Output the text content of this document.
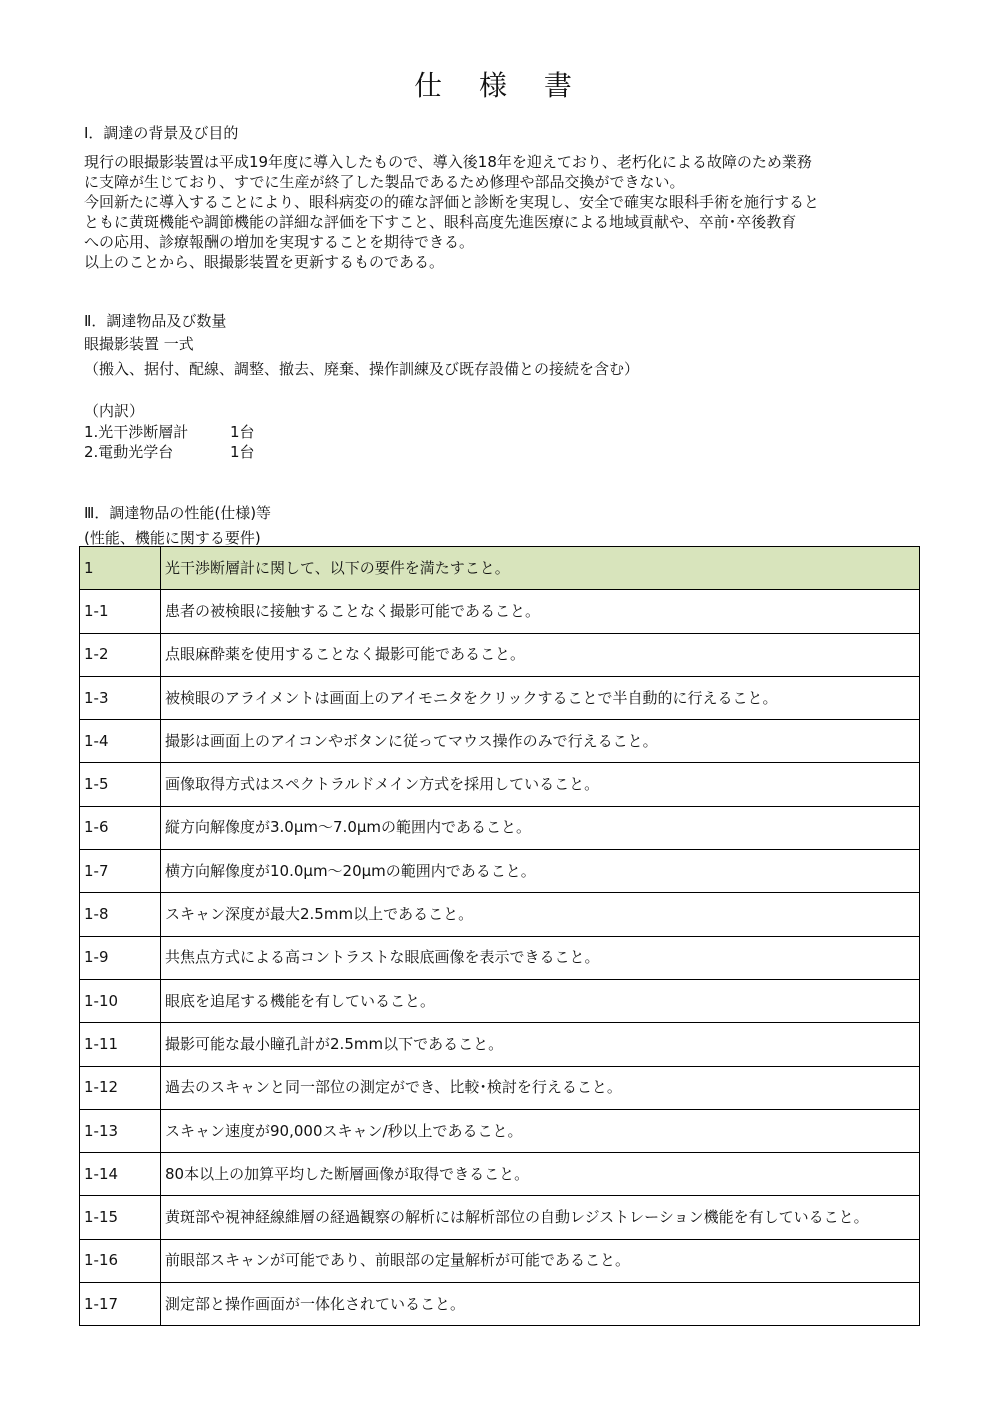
仕 様 書
Ⅰ．調達の背景及び目的
現行の眼撮影装置は平成19年度に導入したもので、導入後18年を迎えており、老朽化による故障のため業務
に支障が生じており、すでに生産が終了した製品であるため修理や部品交換ができない。
今回新たに導入することにより、眼科病変の的確な評価と診断を実現し、安全で確実な眼科手術を施行すると
ともに黄斑機能や調節機能の詳細な評価を下すこと、眼科高度先進医療による地域貢献や、卒前･卒後教育
への応用、診療報酬の増加を実現することを期待できる。
以上のことから、眼撮影装置を更新するものである。
Ⅱ．調達物品及び数量
眼撮影装置 一式
（搬入、据付、配線、調整、撤去、廃棄、操作訓練及び既存設備との接続を含む）
（内訳）
1.光干渉断層計	1台
2.電動光学台	1台
Ⅲ．調達物品の性能(仕様)等
(性能、機能に関する要件)
1	光干渉断層計に関して、以下の要件を満たすこと。
1-1	患者の被検眼に接触することなく撮影可能であること。
1-2	点眼麻酔薬を使用することなく撮影可能であること。
1-3	被検眼のアライメントは画面上のアイモニタをクリックすることで半自動的に行えること。
1-4	撮影は画面上のアイコンやボタンに従ってマウス操作のみで行えること。
1-5	画像取得方式はスペクトラルドメイン方式を採用していること。
1-6	縦方向解像度が3.0μm～7.0μmの範囲内であること。
1-7	横方向解像度が10.0μm～20μmの範囲内であること。
1-8	スキャン深度が最大2.5mm以上であること。
1-9	共焦点方式による高コントラストな眼底画像を表示できること。
1-10	眼底を追尾する機能を有していること。
1-11	撮影可能な最小瞳孔計が2.5mm以下であること。
1-12	過去のスキャンと同一部位の測定ができ、比較･検討を行えること。
1-13	スキャン速度が90,000スキャン/秒以上であること。
1-14	80本以上の加算平均した断層画像が取得できること。
1-15	黄斑部や視神経線維層の経過観察の解析には解析部位の自動レジストレーション機能を有していること。
1-16	前眼部スキャンが可能であり、前眼部の定量解析が可能であること。
1-17	測定部と操作画面が一体化されていること。
